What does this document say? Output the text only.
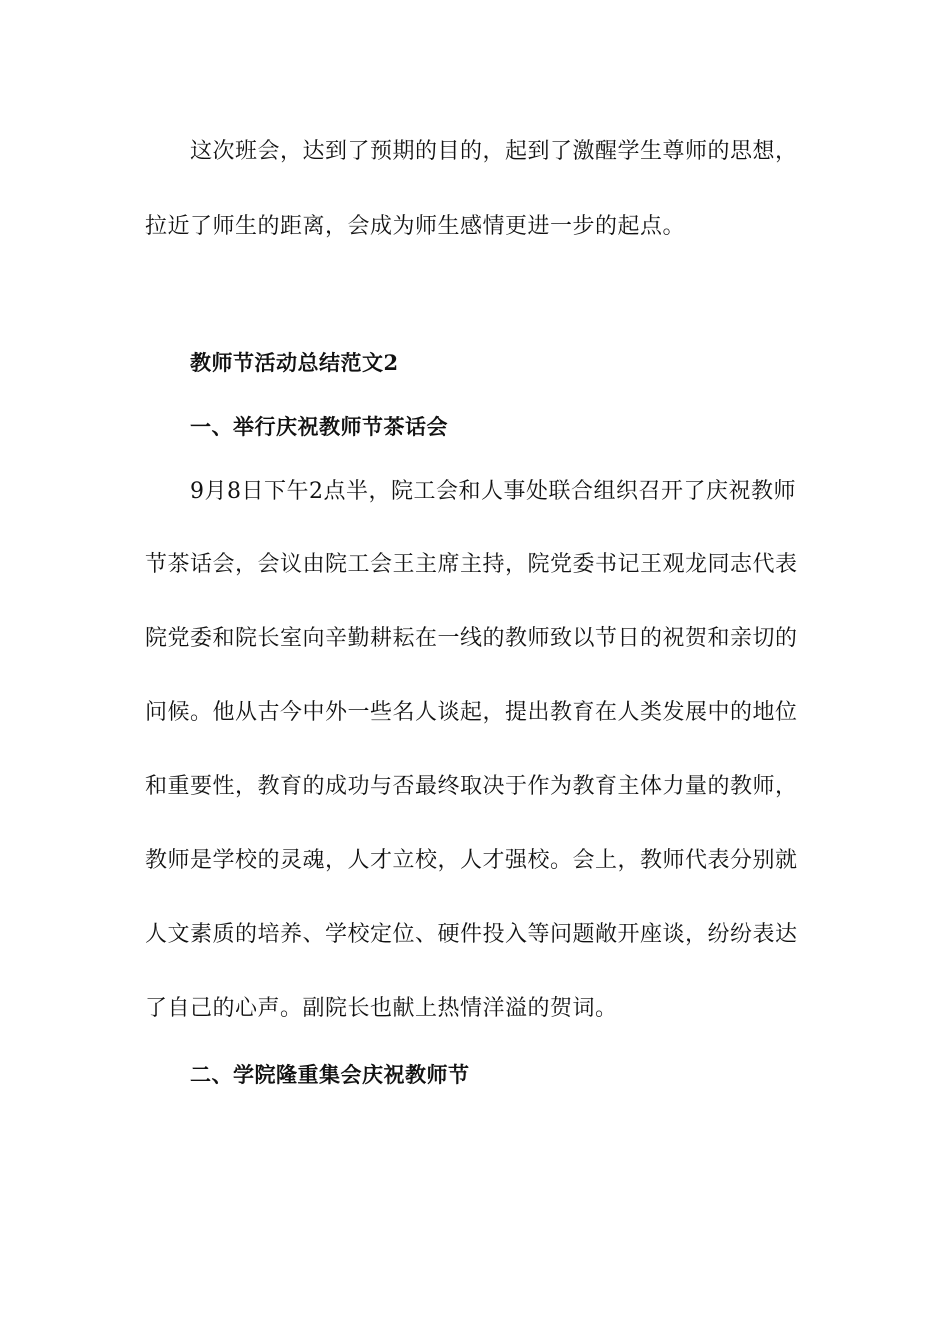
这次班会，达到了预期的目的，起到了激醒学生尊师的思想，
拉近了师生的距离，会成为师生感情更进一步的起点。
教师节活动总结范文2
一、举行庆祝教师节茶话会
9月8日下午2点半，院工会和人事处联合组织召开了庆祝教师
节茶话会，会议由院工会王主席主持，院党委书记王观龙同志代表
院党委和院长室向辛勤耕耘在一线的教师致以节日的祝贺和亲切的
问候。他从古今中外一些名人谈起，提出教育在人类发展中的地位
和重要性，教育的成功与否最终取决于作为教育主体力量的教师，
教师是学校的灵魂，人才立校，人才强校。会上，教师代表分别就
人文素质的培养、学校定位、硬件投入等问题敞开座谈，纷纷表达
了自己的心声。副院长也献上热情洋溢的贺词。
二、学院隆重集会庆祝教师节
